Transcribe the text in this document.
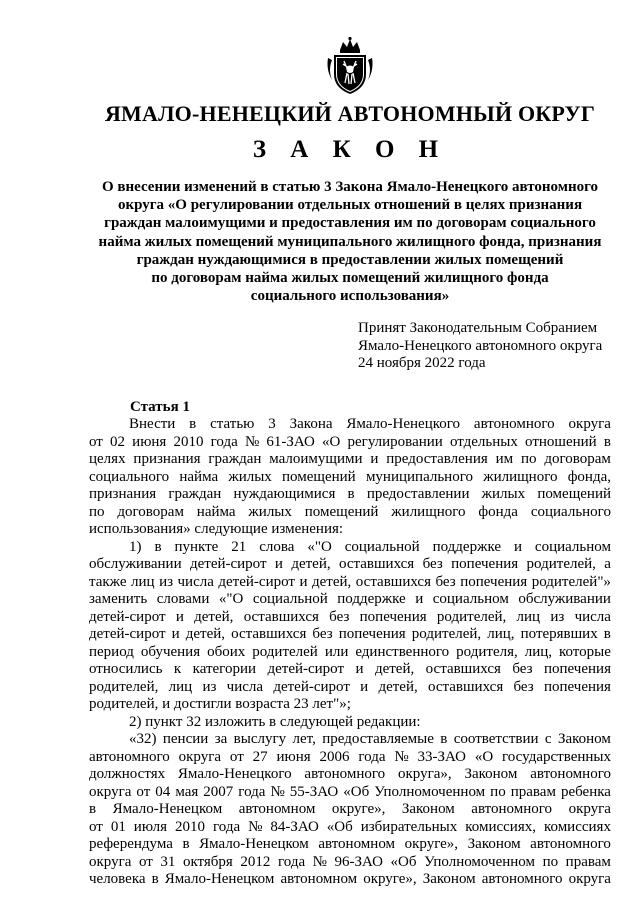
ЯМАЛО-НЕНЕЦКИЙ АВТОНОМНЫЙ ОКРУГ
З А К О Н
О внесении изменений в статью 3 Закона Ямало-Ненецкого автономного
округа «О регулировании отдельных отношений в целях признания
граждан малоимущими и предоставления им по договорам социального
найма жилых помещений муниципального жилищного фонда, признания
граждан нуждающимися в предоставлении жилых помещений
по договорам найма жилых помещений жилищного фонда
социального использования»
Принят Законодательным Собранием
Ямало-Ненецкого автономного округа
24 ноября 2022 года
Статья 1
Внести в статью 3 Закона Ямало-Ненецкого автономного округа
от 02 июня 2010 года № 61-ЗАО «О регулировании отдельных отношений в
целях признания граждан малоимущими и предоставления им по договорам
социального найма жилых помещений муниципального жилищного фонда,
признания граждан нуждающимися в предоставлении жилых помещений
по договорам найма жилых помещений жилищного фонда социального
использования» следующие изменения:
1) в пункте 21 слова «"О социальной поддержке и социальном
обслуживании детей-сирот и детей, оставшихся без попечения родителей, а
также лиц из числа детей-сирот и детей, оставшихся без попечения родителей"»
заменить словами «"О социальной поддержке и социальном обслуживании
детей-сирот и детей, оставшихся без попечения родителей, лиц из числа
детей-сирот и детей, оставшихся без попечения родителей, лиц, потерявших в
период обучения обоих родителей или единственного родителя, лиц, которые
относились к категории детей-сирот и детей, оставшихся без попечения
родителей, лиц из числа детей-сирот и детей, оставшихся без попечения
родителей, и достигли возраста 23 лет"»;
2) пункт 32 изложить в следующей редакции:
«32) пенсии за выслугу лет, предоставляемые в соответствии с Законом
автономного округа от 27 июня 2006 года № 33-ЗАО «О государственных
должностях Ямало-Ненецкого автономного округа», Законом автономного
округа от 04 мая 2007 года № 55-ЗАО «Об Уполномоченном по правам ребенка
в Ямало-Ненецком автономном округе», Законом автономного округа
от 01 июля 2010 года № 84-ЗАО «Об избирательных комиссиях, комиссиях
референдума в Ямало-Ненецком автономном округе», Законом автономного
округа от 31 октября 2012 года № 96-ЗАО «Об Уполномоченном по правам
человека в Ямало-Ненецком автономном округе», Законом автономного округа
